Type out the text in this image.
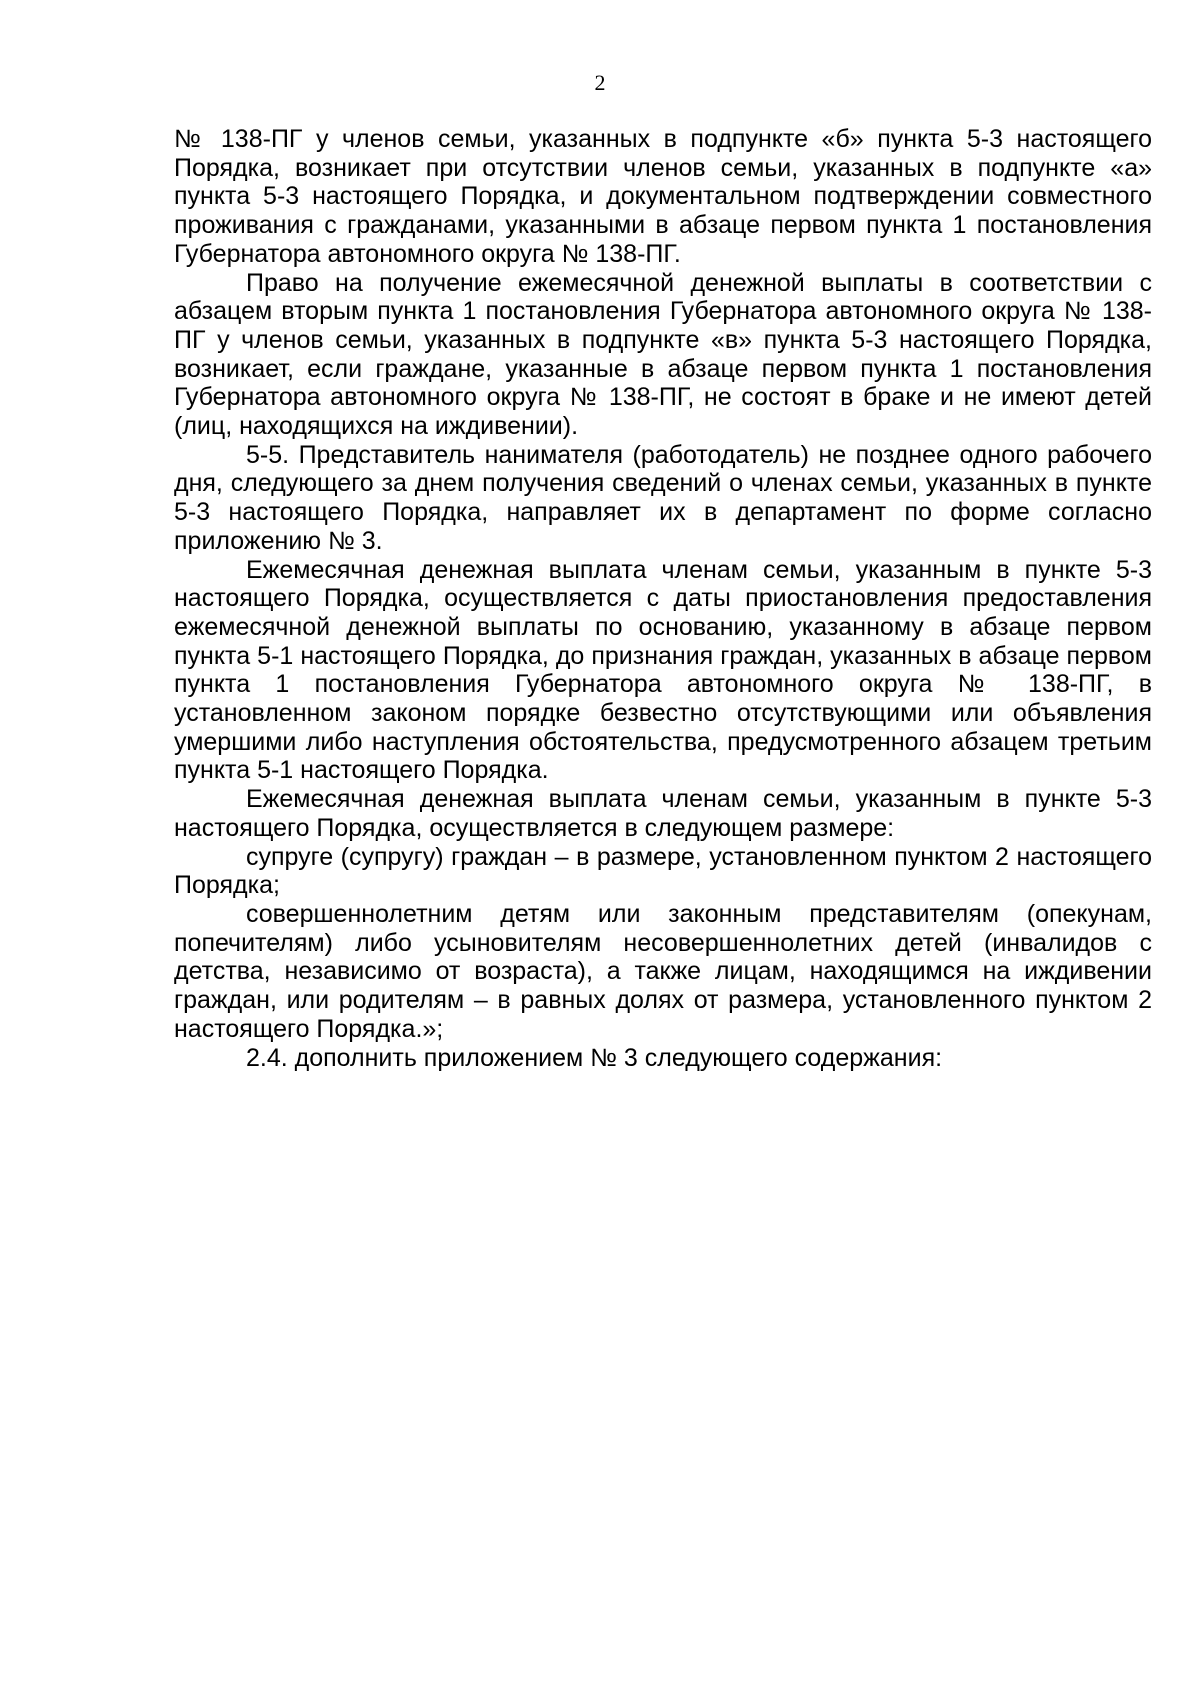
2

№ 138-ПГ у членов семьи, указанных в подпункте «б» пункта 5-3 настоящего Порядка, возникает при отсутствии членов семьи, указанных в подпункте «а» пункта 5-3 настоящего Порядка, и документальном подтверждении совместного проживания с гражданами, указанными в абзаце первом пункта 1 постановления Губернатора автономного округа № 138-ПГ.

Право на получение ежемесячной денежной выплаты в соответствии с абзацем вторым пункта 1 постановления Губернатора автономного округа № 138-ПГ у членов семьи, указанных в подпункте «в» пункта 5-3 настоящего Порядка, возникает, если граждане, указанные в абзаце первом пункта 1 постановления Губернатора автономного округа № 138-ПГ, не состоят в браке и не имеют детей (лиц, находящихся на иждивении).

5-5. Представитель нанимателя (работодатель) не позднее одного рабочего дня, следующего за днем получения сведений о членах семьи, указанных в пункте 5-3 настоящего Порядка, направляет их в департамент по форме согласно приложению № 3.

Ежемесячная денежная выплата членам семьи, указанным в пункте 5-3 настоящего Порядка, осуществляется с даты приостановления предоставления ежемесячной денежной выплаты по основанию, указанному в абзаце первом пункта 5-1 настоящего Порядка, до признания граждан, указанных в абзаце первом пункта 1 постановления Губернатора автономного округа № 138-ПГ, в установленном законом порядке безвестно отсутствующими или объявления умершими либо наступления обстоятельства, предусмотренного абзацем третьим пункта 5-1 настоящего Порядка.

Ежемесячная денежная выплата членам семьи, указанным в пункте 5-3 настоящего Порядка, осуществляется в следующем размере:

супруге (супругу) граждан – в размере, установленном пунктом 2 настоящего Порядка;

совершеннолетним детям или законным представителям (опекунам, попечителям) либо усыновителям несовершеннолетних детей (инвалидов с детства, независимо от возраста), а также лицам, находящимся на иждивении граждан, или родителям – в равных долях от размера, установленного пунктом 2 настоящего Порядка.»;

2.4. дополнить приложением № 3 следующего содержания:
